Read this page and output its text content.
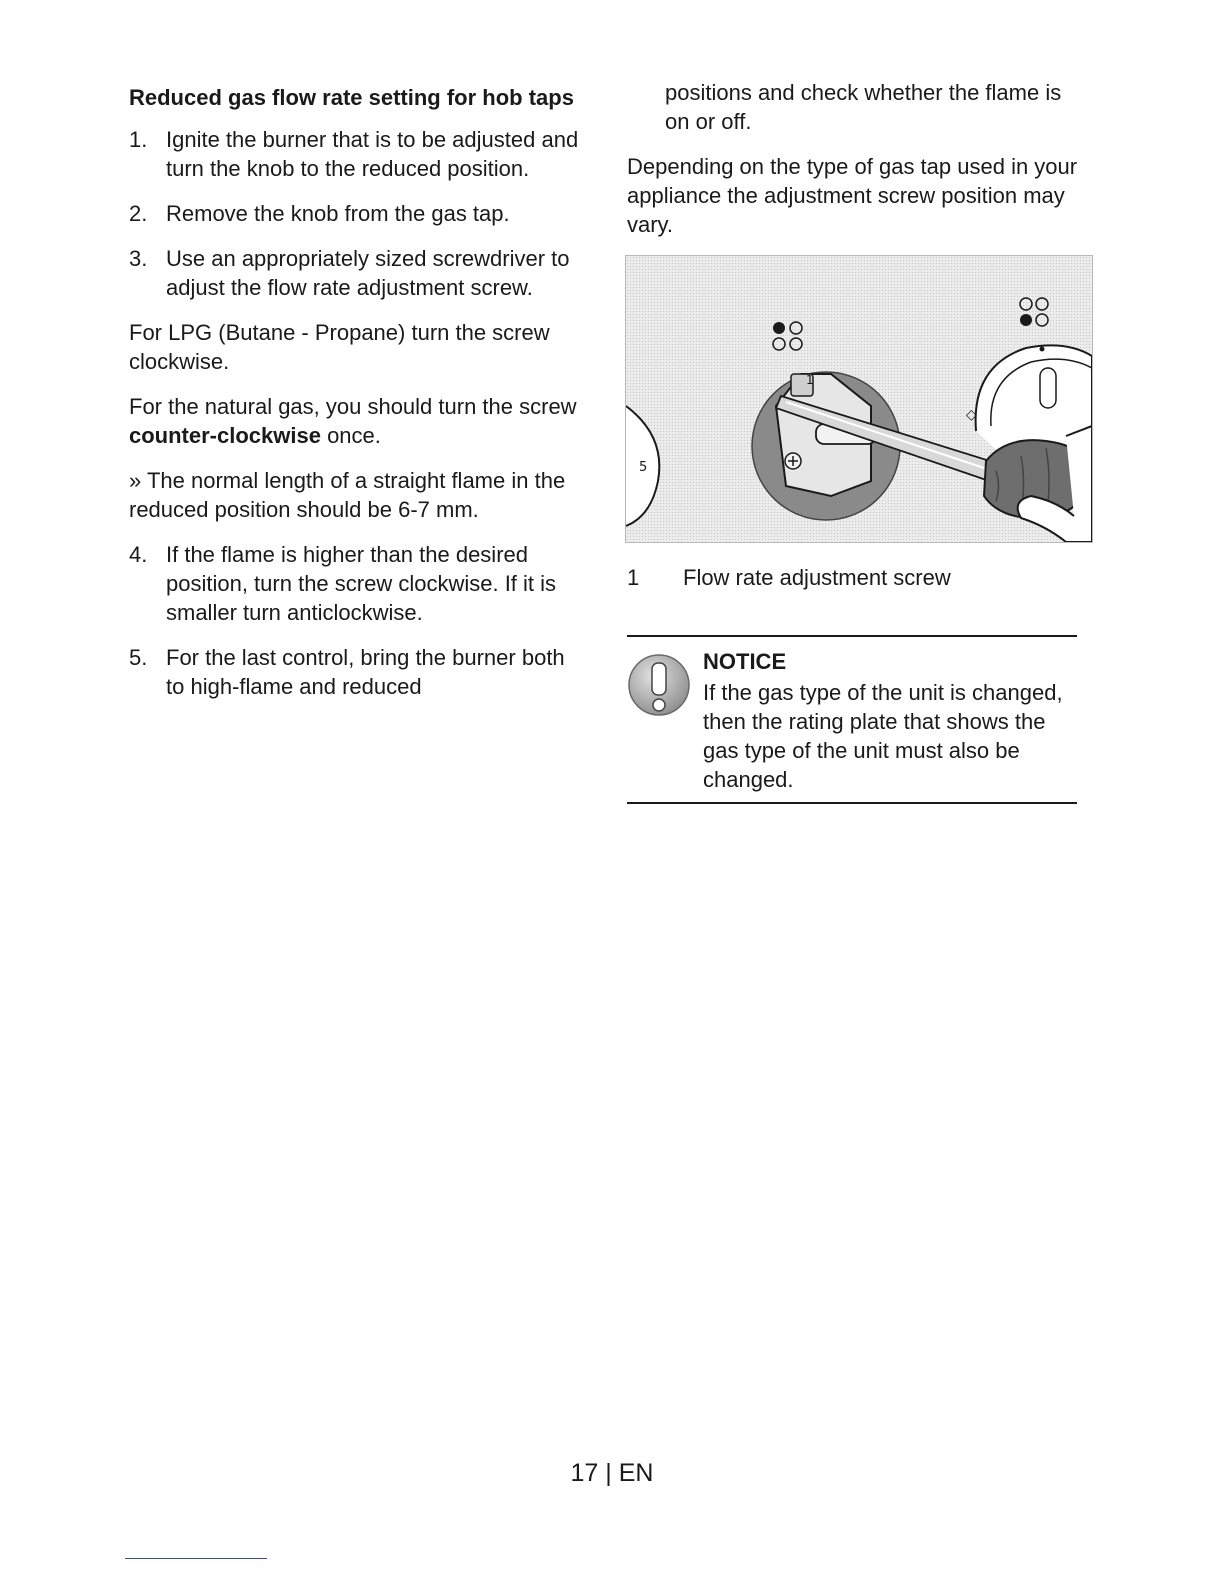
Reduced gas flow rate setting for hob taps
1. Ignite the burner that is to be adjusted and turn the knob to the reduced position.
2. Remove the knob from the gas tap.
3. Use an appropriately sized screwdriver to adjust the flow rate adjustment screw.

For LPG (Butane - Propane) turn the screw clockwise.

For the natural gas, you should turn the screw counter-clockwise once.

» The normal length of a straight flame in the reduced position should be 6-7 mm.

4. If the flame is higher than the desired position, turn the screw clockwise. If it is smaller turn anticlockwise.
5. For the last control, bring the burner both to high-flame and reduced

positions and check whether the flame is on or off.

Depending on the type of gas tap used in your appliance the adjustment screw position may vary.

5
1
◇
1	Flow rate adjustment screw
NOTICE
If the gas type of the unit is changed, then the rating plate that shows the gas type of the unit must also be changed.
17 | EN
